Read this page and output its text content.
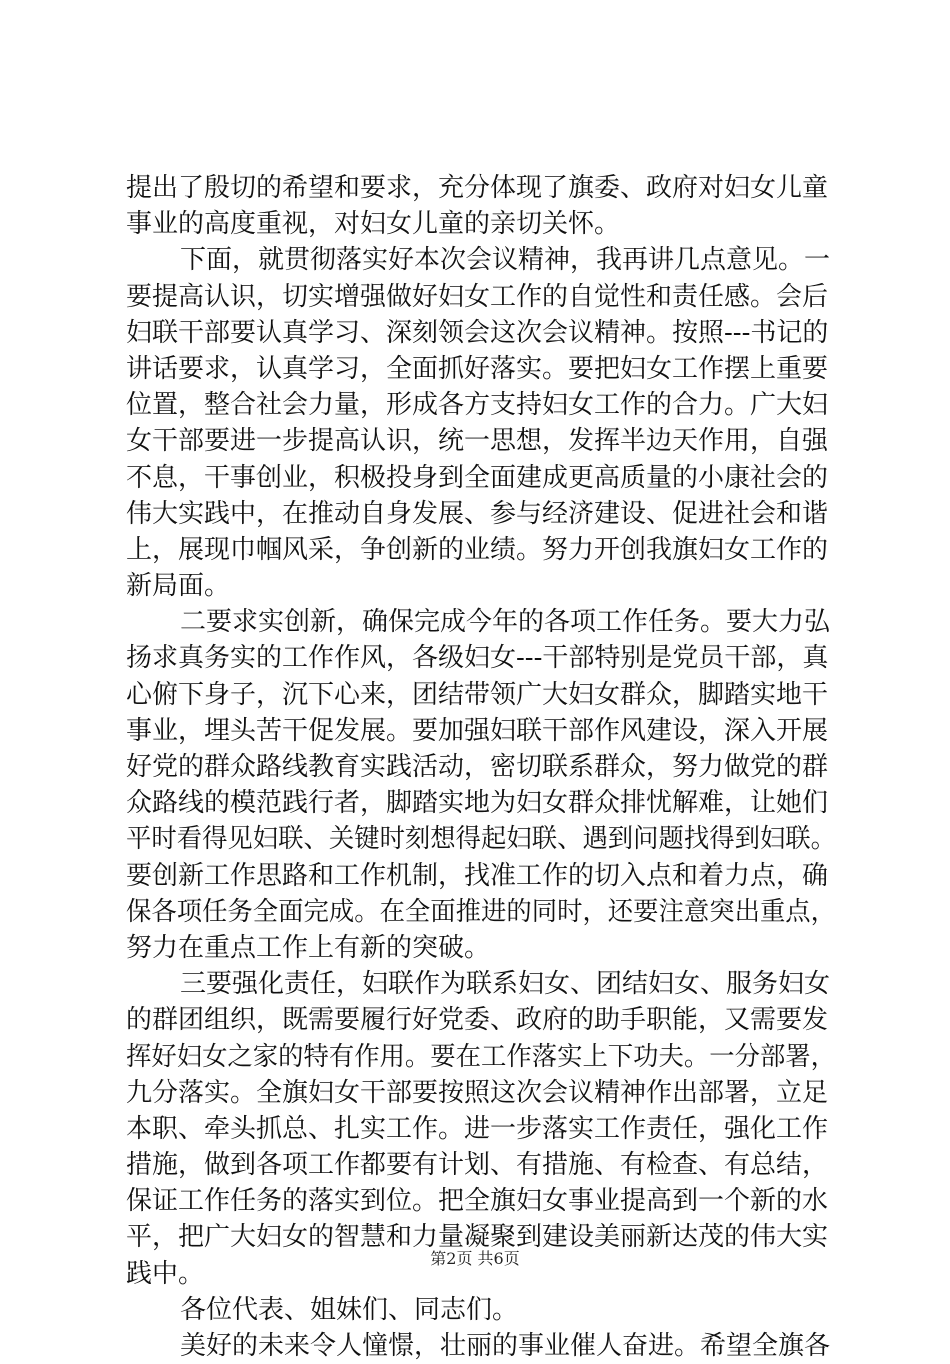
提出了殷切的希望和要求，充分体现了旗委、政府对妇女儿童
事业的高度重视，对妇女儿童的亲切关怀。
下面，就贯彻落实好本次会议精神，我再讲几点意见。一
要提高认识，切实增强做好妇女工作的自觉性和责任感。会后
妇联干部要认真学习、深刻领会这次会议精神。按照---书记的
讲话要求，认真学习，全面抓好落实。要把妇女工作摆上重要
位置，整合社会力量，形成各方支持妇女工作的合力。广大妇
女干部要进一步提高认识，统一思想，发挥半边天作用，自强
不息，干事创业，积极投身到全面建成更高质量的小康社会的
伟大实践中，在推动自身发展、参与经济建设、促进社会和谐
上，展现巾帼风采，争创新的业绩。努力开创我旗妇女工作的
新局面。
二要求实创新，确保完成今年的各项工作任务。要大力弘
扬求真务实的工作作风，各级妇女---干部特别是党员干部，真
心俯下身子，沉下心来，团结带领广大妇女群众，脚踏实地干
事业，埋头苦干促发展。要加强妇联干部作风建设，深入开展
好党的群众路线教育实践活动，密切联系群众，努力做党的群
众路线的模范践行者，脚踏实地为妇女群众排忧解难，让她们
平时看得见妇联、关键时刻想得起妇联、遇到问题找得到妇联。
要创新工作思路和工作机制，找准工作的切入点和着力点，确
保各项任务全面完成。在全面推进的同时，还要注意突出重点，
努力在重点工作上有新的突破。
三要强化责任，妇联作为联系妇女、团结妇女、服务妇女
的群团组织，既需要履行好党委、政府的助手职能，又需要发
挥好妇女之家的特有作用。要在工作落实上下功夫。一分部署，
九分落实。全旗妇女干部要按照这次会议精神作出部署，立足
本职、牵头抓总、扎实工作。进一步落实工作责任，强化工作
措施，做到各项工作都要有计划、有措施、有检查、有总结，
保证工作任务的落实到位。把全旗妇女事业提高到一个新的水
平，把广大妇女的智慧和力量凝聚到建设美丽新达茂的伟大实
践中。
各位代表、姐妹们、同志们。
美好的未来令人憧憬，壮丽的事业催人奋进。希望全旗各
第2页 共6页
